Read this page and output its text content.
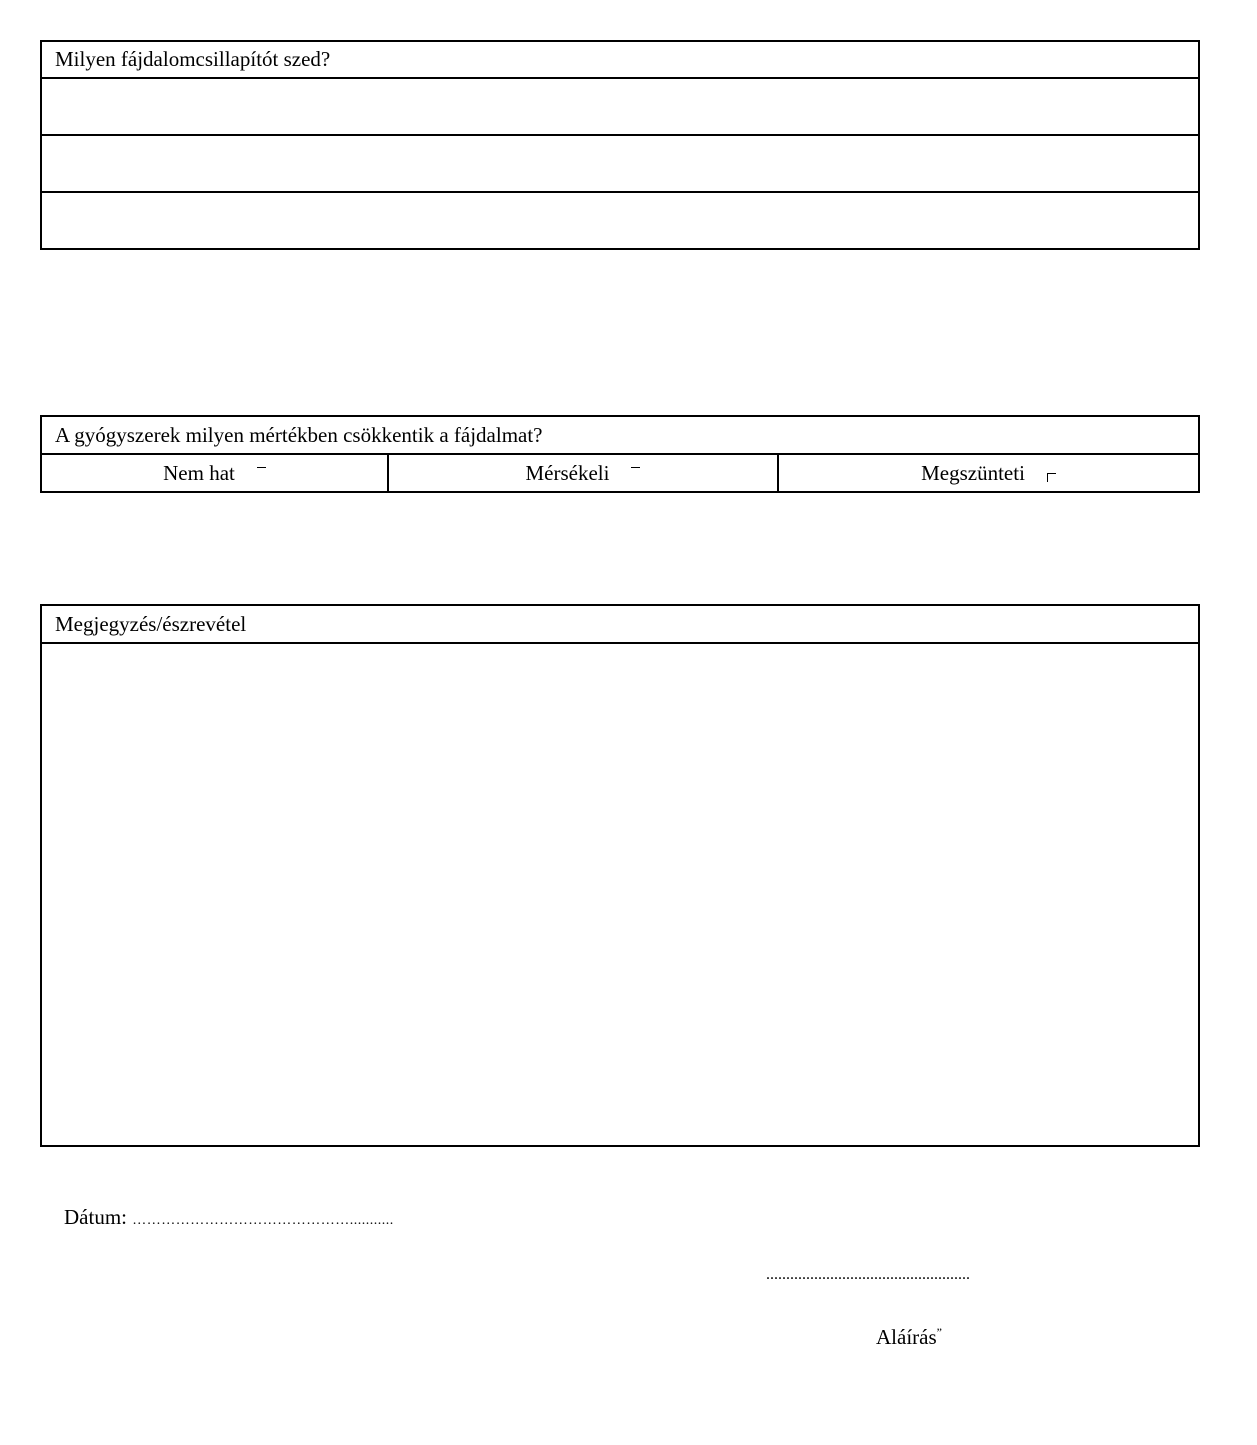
Milyen fájdalomcsillapítót szed?
A gyógyszerek milyen mértékben csökkentik a fájdalmat?
Nem hat	Mérsékeli	Megszünteti
Megjegyzés/észrevétel
Dátum: ………………………………………...........
...................................................
Aláírás”
